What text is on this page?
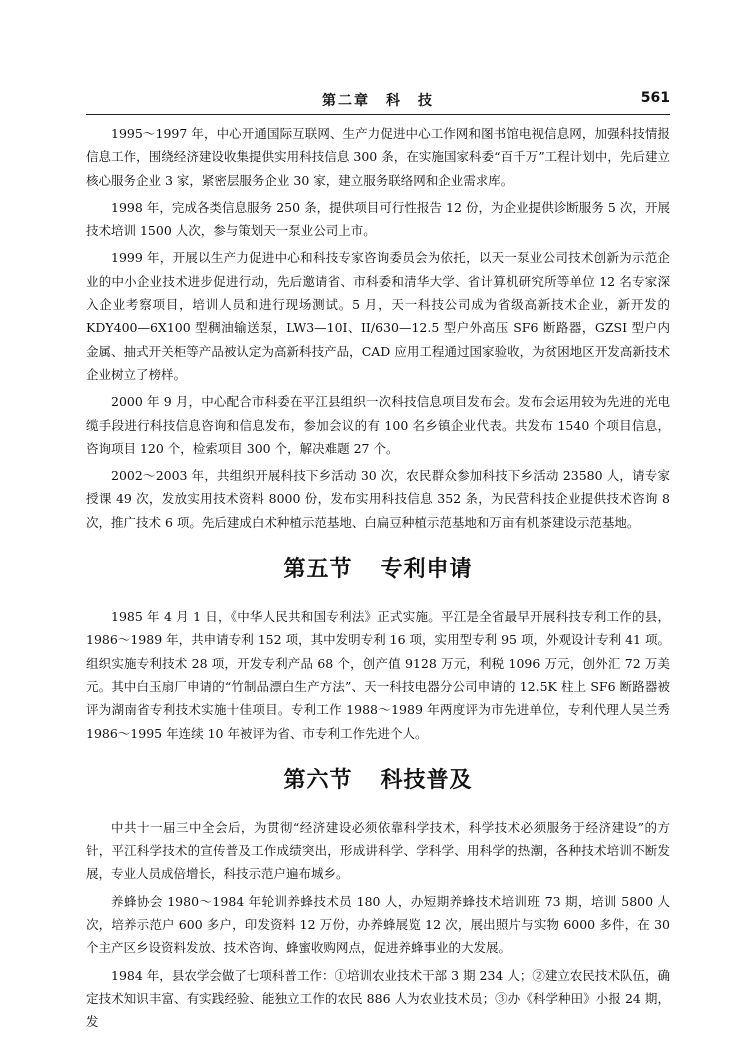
第二章　科　技	561

1995～1997 年，中心开通国际互联网、生产力促进中心工作网和图书馆电视信息网，加强科技情报信息工作，围绕经济建设收集提供实用科技信息 300 条，在实施国家科委“百千万”工程计划中，先后建立核心服务企业 3 家，紧密层服务企业 30 家，建立服务联络网和企业需求库。

1998 年，完成各类信息服务 250 条，提供项目可行性报告 12 份，为企业提供诊断服务 5 次，开展技术培训 1500 人次，参与策划天一泵业公司上市。

1999 年，开展以生产力促进中心和科技专家咨询委员会为依托，以天一泵业公司技术创新为示范企业的中小企业技术进步促进行动，先后邀请省、市科委和清华大学、省计算机研究所等单位 12 名专家深入企业考察项目，培训人员和进行现场测试。5 月，天一科技公司成为省级高新技术企业，新开发的 KDY400—6X100 型稠油输送泵，LW3—10I、II/630—12.5 型户外高压 SF6 断路器，GZSI 型户内金属、抽式开关柜等产品被认定为高新科技产品，CAD 应用工程通过国家验收，为贫困地区开发高新技术企业树立了榜样。

2000 年 9 月，中心配合市科委在平江县组织一次科技信息项目发布会。发布会运用较为先进的光电缆手段进行科技信息咨询和信息发布，参加会议的有 100 名乡镇企业代表。共发布 1540 个项目信息，咨询项目 120 个，检索项目 300 个，解决难题 27 个。

2002～2003 年，共组织开展科技下乡活动 30 次，农民群众参加科技下乡活动 23580 人，请专家授课 49 次，发放实用技术资料 8000 份，发布实用科技信息 352 条，为民营科技企业提供技术咨询 8 次，推广技术 6 项。先后建成白术种植示范基地、白扁豆种植示范基地和万亩有机茶建设示范基地。

第五节 专利申请

1985 年 4 月 1 日，《中华人民共和国专利法》正式实施。平江是全省最早开展科技专利工作的县，1986～1989 年，共申请专利 152 项，其中发明专利 16 项，实用型专利 95 项，外观设计专利 41 项。组织实施专利技术 28 项，开发专利产品 68 个，创产值 9128 万元，利税 1096 万元，创外汇 72 万美元。其中白玉扇厂申请的“竹制品漂白生产方法”、天一科技电器分公司申请的 12.5K 柱上 SF6 断路器被评为湖南省专利技术实施十佳项目。专利工作 1988～1989 年两度评为市先进单位，专利代理人吴兰秀 1986～1995 年连续 10 年被评为省、市专利工作先进个人。

第六节 科技普及

中共十一届三中全会后，为贯彻“经济建设必须依靠科学技术，科学技术必须服务于经济建设”的方针，平江科学技术的宣传普及工作成绩突出，形成讲科学、学科学、用科学的热潮，各种技术培训不断发展，专业人员成倍增长，科技示范户遍布城乡。

养蜂协会 1980～1984 年轮训养蜂技术员 180 人，办短期养蜂技术培训班 73 期，培训 5800 人次，培养示范户 600 多户，印发资料 12 万份，办养蜂展览 12 次，展出照片与实物 6000 多件，在 30 个主产区乡设资料发放、技术咨询、蜂蜜收购网点，促进养蜂事业的大发展。

1984 年，县农学会做了七项科普工作：①培训农业技术干部 3 期 234 人；②建立农民技术队伍，确定技术知识丰富、有实践经验、能独立工作的农民 886 人为农业技术员；③办《科学种田》小报 24 期，发
